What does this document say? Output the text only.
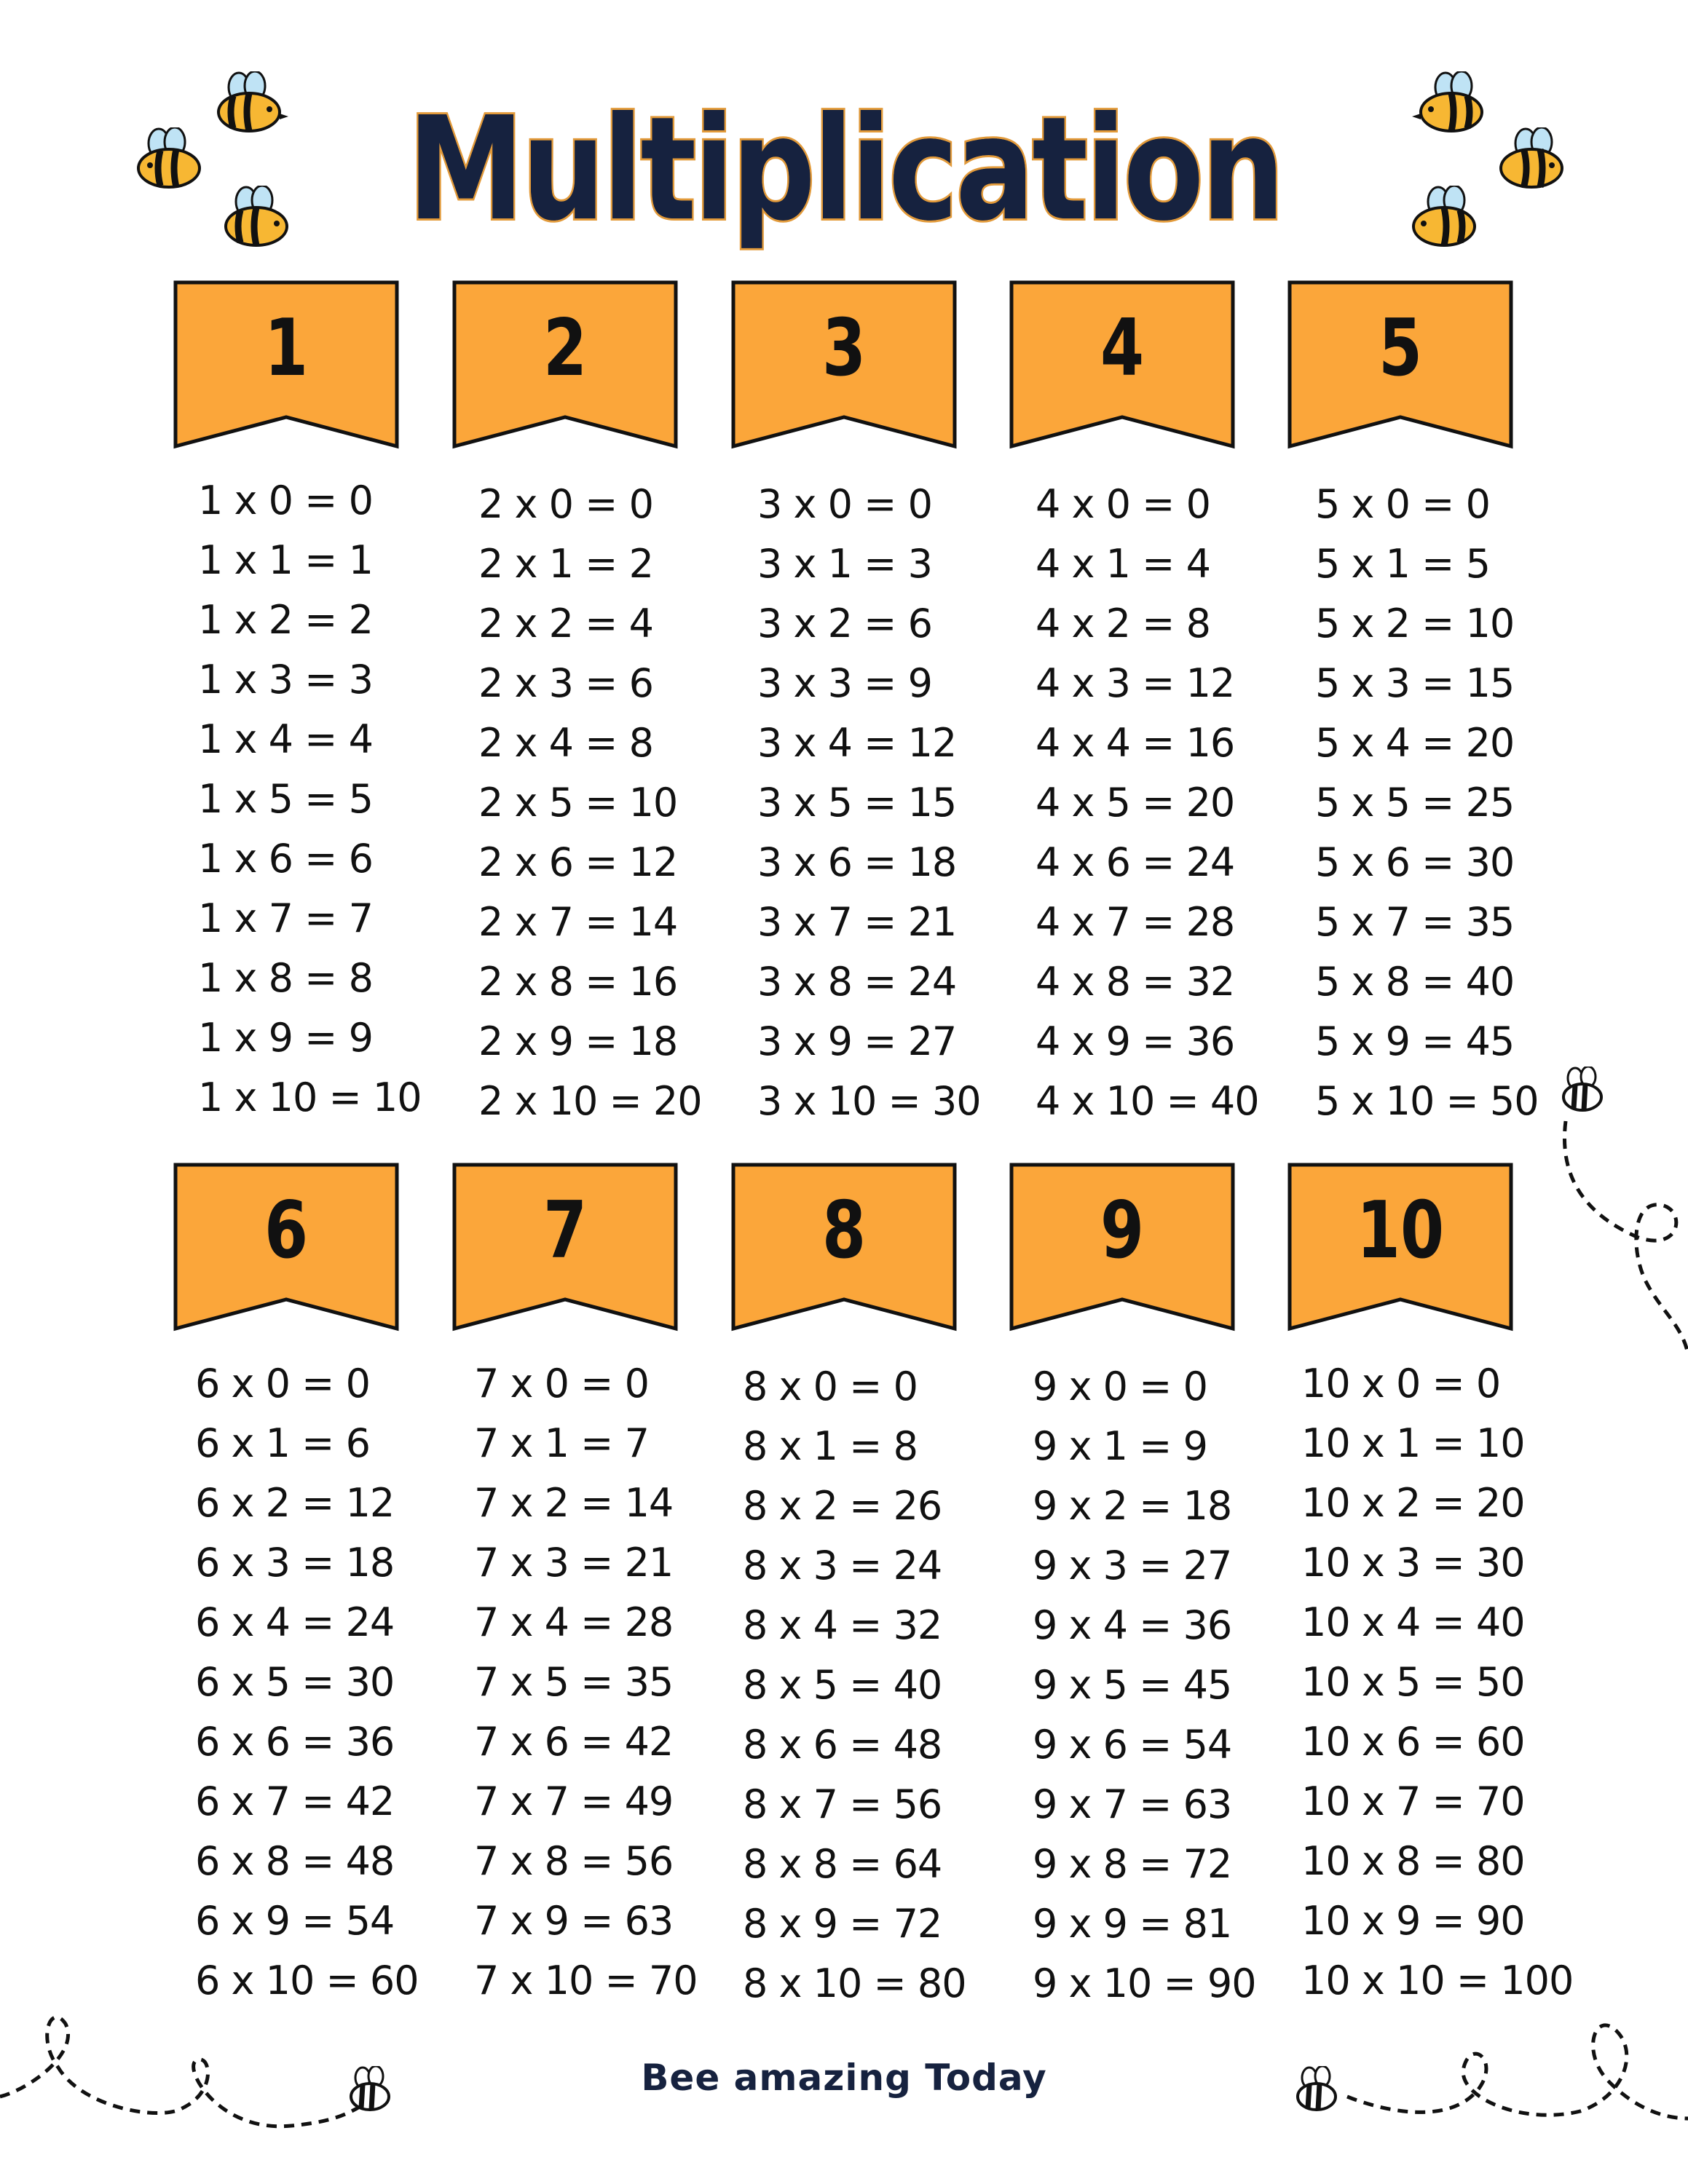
Multiplication
1	2	3	4	5
6	7	8	9	10
1 x 0 = 0
1 x 1 = 1
1 x 2 = 2
1 x 3 = 3
1 x 4 = 4
1 x 5 = 5
1 x 6 = 6
1 x 7 = 7
1 x 8 = 8
1 x 9 = 9
1 x 10 = 10
2 x 0 = 0
2 x 1 = 2
2 x 2 = 4
2 x 3 = 6
2 x 4 = 8
2 x 5 = 10
2 x 6 = 12
2 x 7 = 14
2 x 8 = 16
2 x 9 = 18
2 x 10 = 20
3 x 0 = 0
3 x 1 = 3
3 x 2 = 6
3 x 3 = 9
3 x 4 = 12
3 x 5 = 15
3 x 6 = 18
3 x 7 = 21
3 x 8 = 24
3 x 9 = 27
3 x 10 = 30
4 x 0 = 0
4 x 1 = 4
4 x 2 = 8
4 x 3 = 12
4 x 4 = 16
4 x 5 = 20
4 x 6 = 24
4 x 7 = 28
4 x 8 = 32
4 x 9 = 36
4 x 10 = 40
5 x 0 = 0
5 x 1 = 5
5 x 2 = 10
5 x 3 = 15
5 x 4 = 20
5 x 5 = 25
5 x 6 = 30
5 x 7 = 35
5 x 8 = 40
5 x 9 = 45
5 x 10 = 50
6 x 0 = 0
6 x 1 = 6
6 x 2 = 12
6 x 3 = 18
6 x 4 = 24
6 x 5 = 30
6 x 6 = 36
6 x 7 = 42
6 x 8 = 48
6 x 9 = 54
6 x 10 = 60
7 x 0 = 0
7 x 1 = 7
7 x 2 = 14
7 x 3 = 21
7 x 4 = 28
7 x 5 = 35
7 x 6 = 42
7 x 7 = 49
7 x 8 = 56
7 x 9 = 63
7 x 10 = 70
8 x 0 = 0
8 x 1 = 8
8 x 2 = 26
8 x 3 = 24
8 x 4 = 32
8 x 5 = 40
8 x 6 = 48
8 x 7 = 56
8 x 8 = 64
8 x 9 = 72
8 x 10 = 80
9 x 0 = 0
9 x 1 = 9
9 x 2 = 18
9 x 3 = 27
9 x 4 = 36
9 x 5 = 45
9 x 6 = 54
9 x 7 = 63
9 x 8 = 72
9 x 9 = 81
9 x 10 = 90
10 x 0 = 0
10 x 1 = 10
10 x 2 = 20
10 x 3 = 30
10 x 4 = 40
10 x 5 = 50
10 x 6 = 60
10 x 7 = 70
10 x 8 = 80
10 x 9 = 90
10 x 10 = 100
Bee amazing Today
